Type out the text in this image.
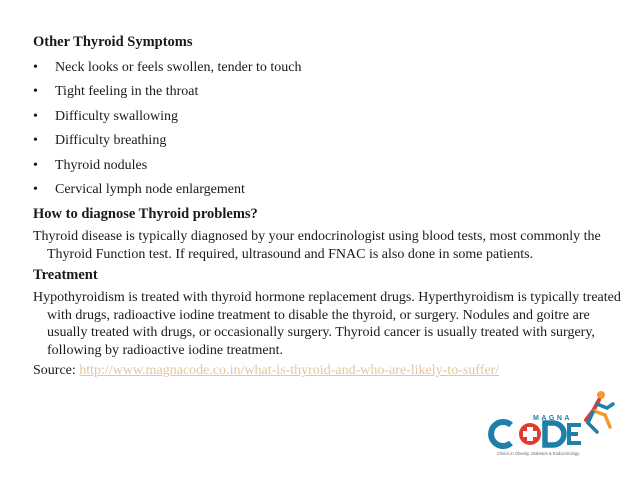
Other Thyroid Symptoms
• Neck looks or feels swollen, tender to touch
• Tight feeling in the throat
• Difficulty swallowing
• Difficulty breathing
• Thyroid nodules
• Cervical lymph node enlargement
How to diagnose Thyroid problems?

Thyroid disease is typically diagnosed by your endocrinologist using blood tests, most commonly the Thyroid Function test. If required, ultrasound and FNAC is also done in some patients.

Treatment

Hypothyroidism is treated with thyroid hormone replacement drugs. Hyperthyroidism is typically treated with drugs, radioactive iodine treatment to disable the thyroid, or surgery. Nodules and goitre are usually treated with drugs, or occasionally surgery. Thyroid cancer is usually treated with surgery, following by radioactive iodine treatment.

Source: http://www.magnacode.co.in/what-is-thyroid-and-who-are-likely-to-suffer/
MAGNA
Clinics in Obesity, Diabetes & Endocrinology
